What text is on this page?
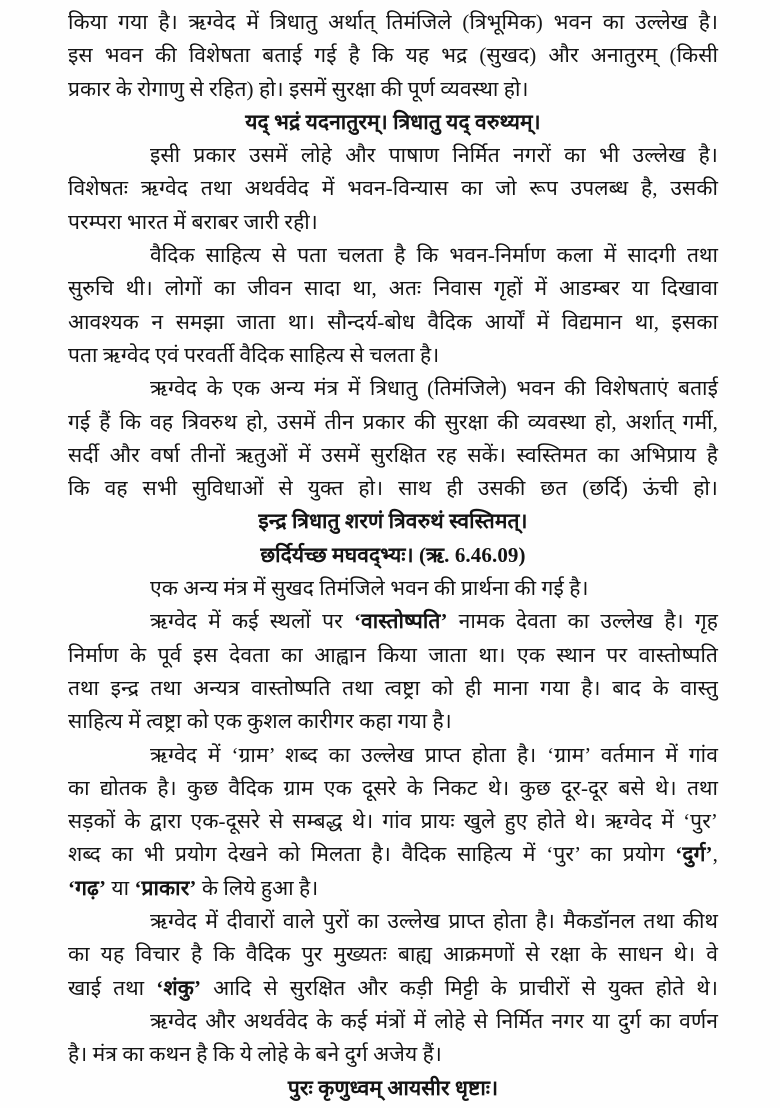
किया गया है। ऋग्वेद में त्रिधातु अर्थात् तिमंजिले (त्रिभूमिक) भवन का उल्लेख है।
इस भवन की विशेषता बताई गई है कि यह भद्र (सुखद) और अनातुरम् (किसी
प्रकार के रोगाणु से रहित) हो। इसमें सुरक्षा की पूर्ण व्यवस्था हो।
यद् भद्रं यदनातुरम्। त्रिधातु यद् वरुथ्यम्।
इसी प्रकार उसमें लोहे और पाषाण निर्मित नगरों का भी उल्लेख है।
विशेषतः ऋग्वेद तथा अथर्ववेद में भवन-विन्यास का जो रूप उपलब्ध है, उसकी
परम्परा भारत में बराबर जारी रही।
वैदिक साहित्य से पता चलता है कि भवन-निर्माण कला में सादगी तथा
सुरुचि थी। लोगों का जीवन सादा था, अतः निवास गृहों में आडम्बर या दिखावा
आवश्यक न समझा जाता था। सौन्दर्य-बोध वैदिक आर्यों में विद्यमान था, इसका
पता ऋग्वेद एवं परवर्ती वैदिक साहित्य से चलता है।
ऋग्वेद के एक अन्य मंत्र में त्रिधातु (तिमंजिले) भवन की विशेषताएं बताई
गई हैं कि वह त्रिवरुथ हो, उसमें तीन प्रकार की सुरक्षा की व्यवस्था हो, अर्शात् गर्मी,
सर्दी और वर्षा तीनों ऋतुओं में उसमें सुरक्षित रह सकें। स्वस्तिमत का अभिप्राय है
कि वह सभी सुविधाओं से युक्त हो। साथ ही उसकी छत (छर्दि) ऊंची हो।
इन्द्र त्रिधातु शरणं त्रिवरुथं स्वस्तिमत्।
छर्दिर्यच्छ मघवद्भ्यः। (ऋ. 6.46.09)
एक अन्य मंत्र में सुखद तिमंजिले भवन की प्रार्थना की गई है।
ऋग्वेद में कई स्थलों पर ‘वास्तोष्पति’ नामक देवता का उल्लेख है। गृह
निर्माण के पूर्व इस देवता का आह्वान किया जाता था। एक स्थान पर वास्तोष्पति
तथा इन्द्र तथा अन्यत्र वास्तोष्पति तथा त्वष्ट्रा को ही माना गया है। बाद के वास्तु
साहित्य में त्वष्ट्रा को एक कुशल कारीगर कहा गया है।
ऋग्वेद में ‘ग्राम’ शब्द का उल्लेख प्राप्त होता है। ‘ग्राम’ वर्तमान में गांव
का द्योतक है। कुछ वैदिक ग्राम एक दूसरे के निकट थे। कुछ दूर-दूर बसे थे। तथा
सड़कों के द्वारा एक-दूसरे से सम्बद्ध थे। गांव प्रायः खुले हुए होते थे। ऋग्वेद में ‘पुर’
शब्द का भी प्रयोग देखने को मिलता है। वैदिक साहित्य में ‘पुर’ का प्रयोग ‘दुर्ग’,
‘गढ़’ या ‘प्राकार’ के लिये हुआ है।
ऋग्वेद में दीवारों वाले पुरों का उल्लेख प्राप्त होता है। मैकडॉनल तथा कीथ
का यह विचार है कि वैदिक पुर मुख्यतः बाह्य आक्रमणों से रक्षा के साधन थे। वे
खाई तथा ‘शंकु’ आदि से सुरक्षित और कड़ी मिट्टी के प्राचीरों से युक्त होते थे।
ऋग्वेद और अथर्ववेद के कई मंत्रों में लोहे से निर्मित नगर या दुर्ग का वर्णन
है। मंत्र का कथन है कि ये लोहे के बने दुर्ग अजेय हैं।
पुरः कृणुध्वम् आयसीर धृष्टाः।
